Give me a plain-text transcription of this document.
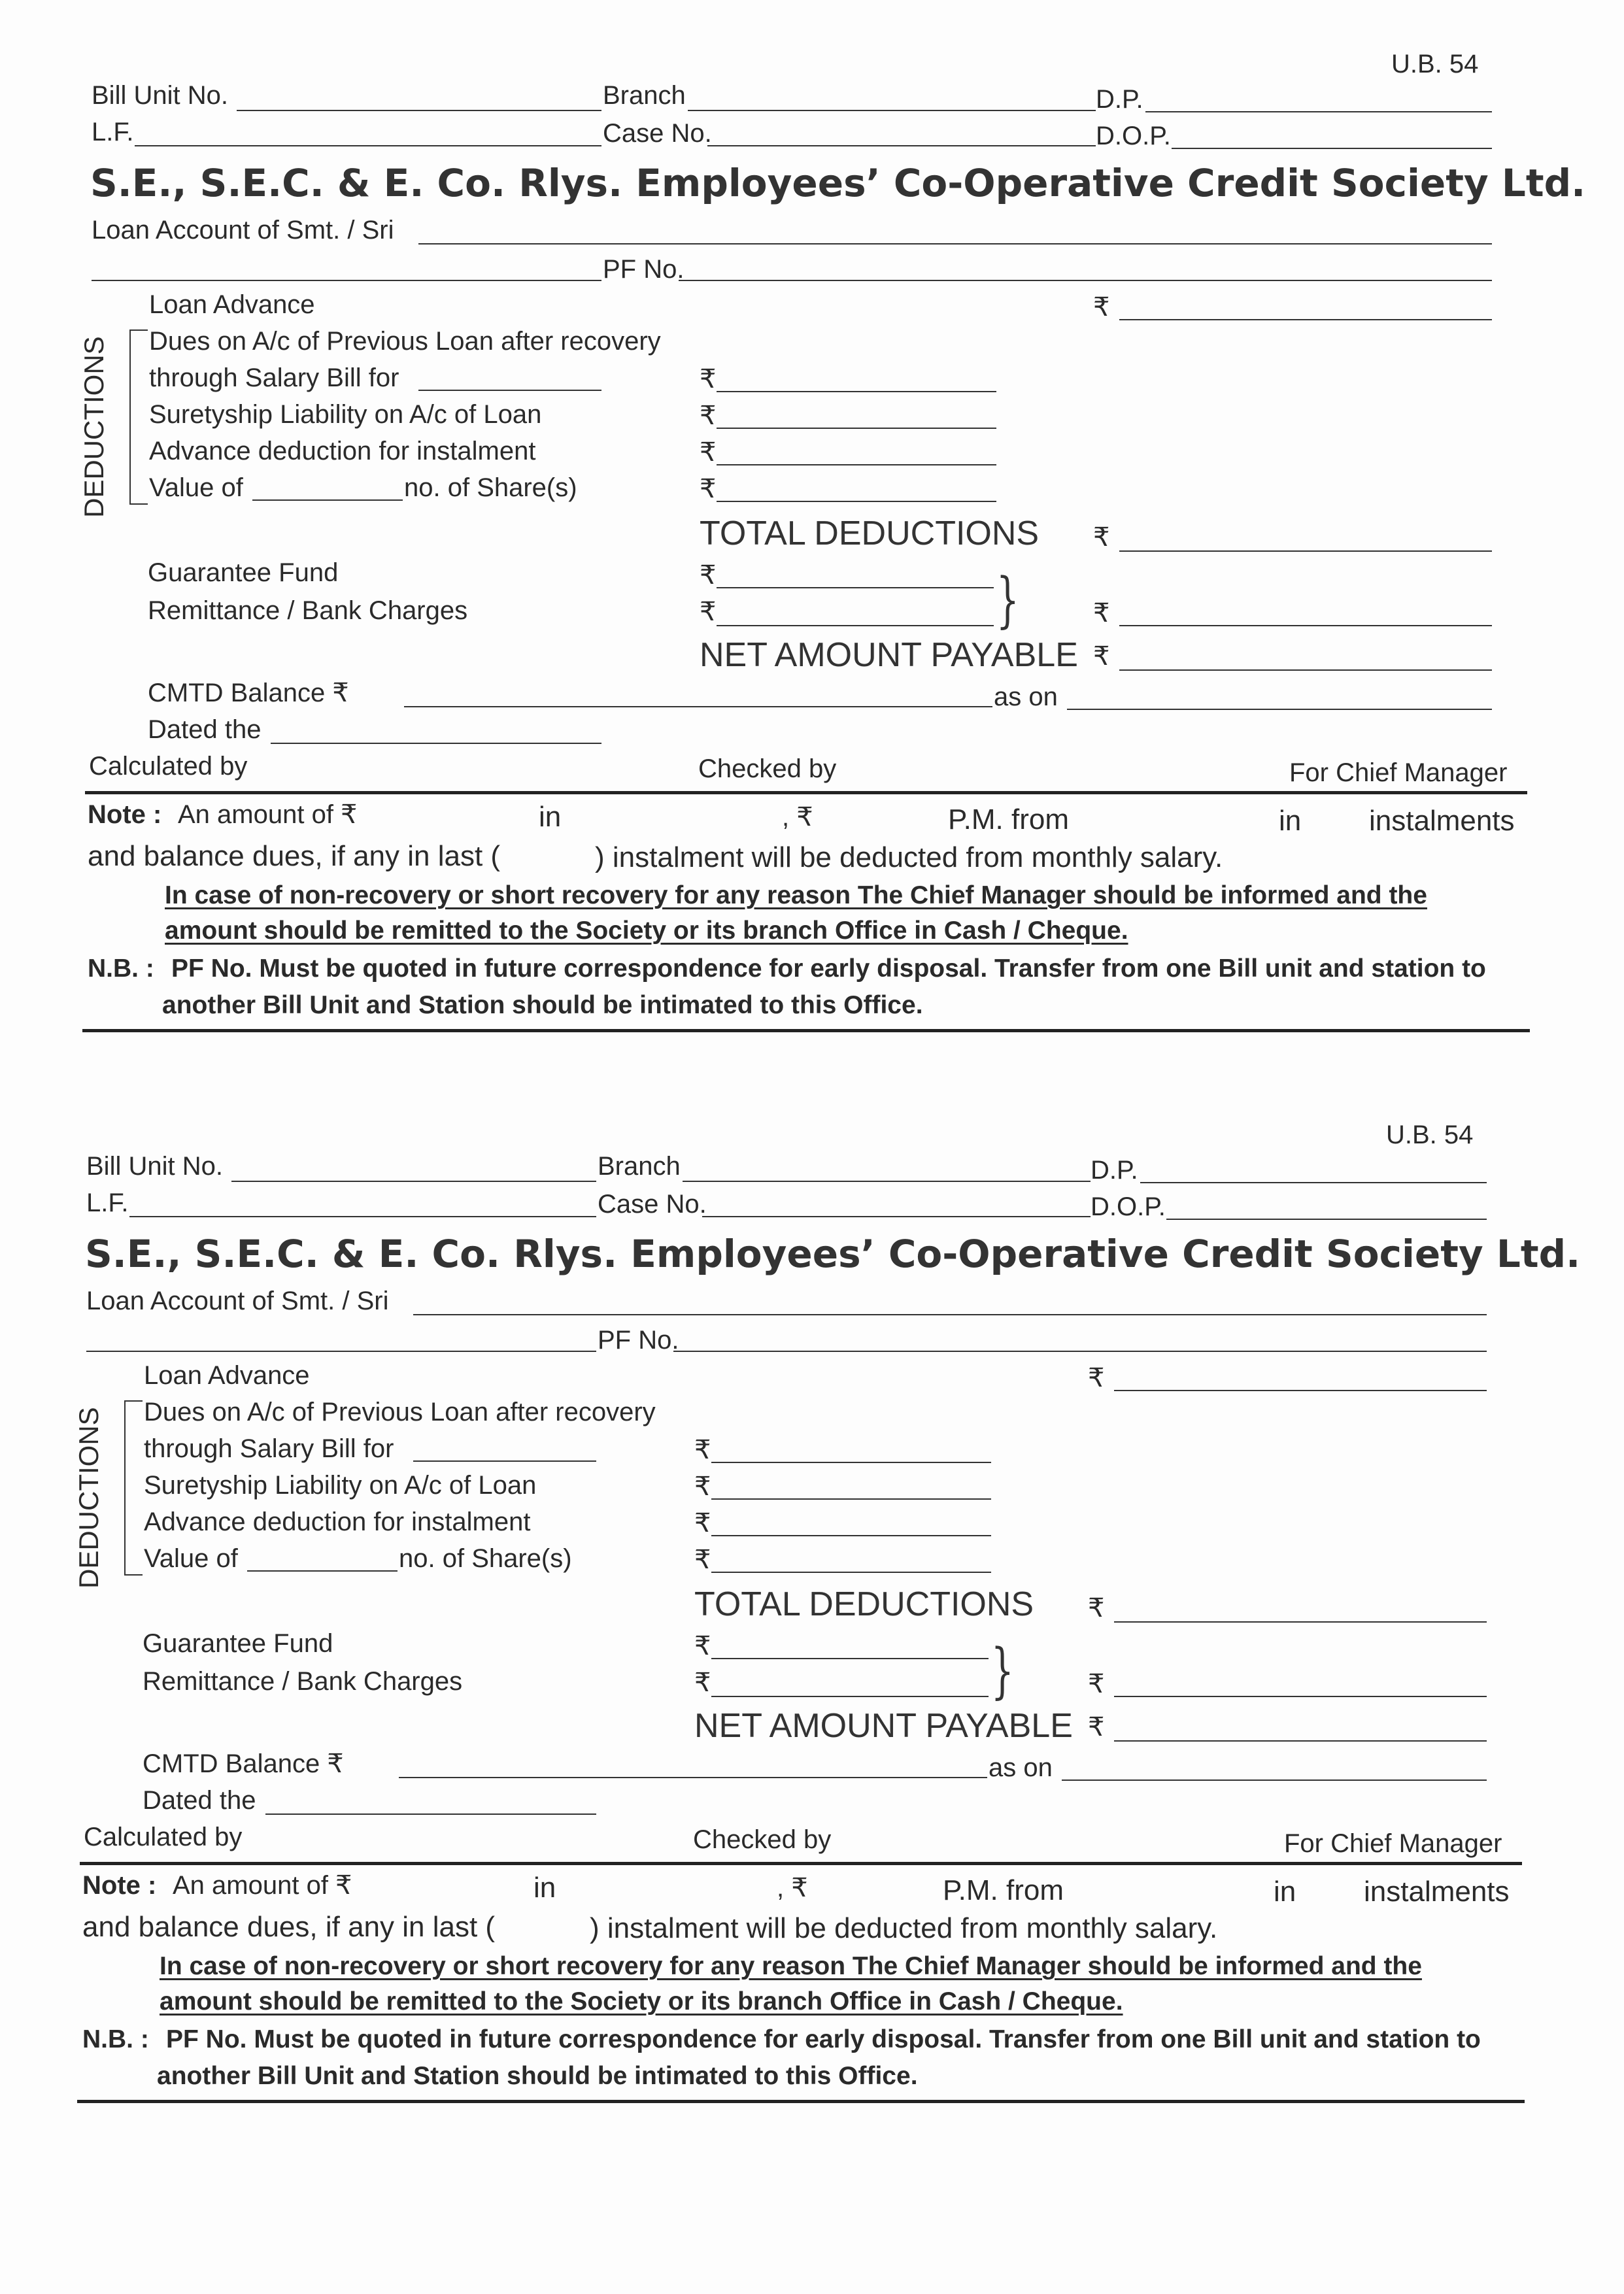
U.B. 54
Bill Unit No.	Branch	D.P.
L.F.	Case No.	D.O.P.
S.E., S.E.C. & E. Co. Rlys. Employees’ Co-Operative Credit Society Ltd.
Loan Account of Smt. / Sri
PF No.
Loan Advance	₹
DEDUCTIONS Dues on A/c of Previous Loan after recovery
through Salary Bill for	₹
Suretyship Liability on A/c of Loan	₹
Advance deduction for instalment	₹
Value of	no. of Share(s)	₹
TOTAL DEDUCTIONS ₹
Guarantee Fund	₹
Remittance / Bank Charges	₹	}	₹
NET AMOUNT PAYABLE ₹
CMTD Balance ₹	as on
Dated the
Calculated by	Checked by	For Chief Manager
Note : An amount of ₹	in	, ₹	P.M. from	in instalments
and balance dues, if any in last (	) instalment will be deducted from monthly salary.
In case of non-recovery or short recovery for any reason The Chief Manager should be informed and the
amount should be remitted to the Society or its branch Office in Cash / Cheque.
N.B. : PF No. Must be quoted in future correspondence for early disposal. Transfer from one Bill unit and station to
another Bill Unit and Station should be intimated to this Office.
U.B. 54
Bill Unit No.	Branch	D.P.
L.F.	Case No.	D.O.P.
S.E., S.E.C. & E. Co. Rlys. Employees’ Co-Operative Credit Society Ltd.
Loan Account of Smt. / Sri
PF No.
Loan Advance	₹
DEDUCTIONS Dues on A/c of Previous Loan after recovery
through Salary Bill for	₹
Suretyship Liability on A/c of Loan	₹
Advance deduction for instalment	₹
Value of	no. of Share(s)	₹
TOTAL DEDUCTIONS ₹
Guarantee Fund	₹
Remittance / Bank Charges	₹	}	₹
NET AMOUNT PAYABLE ₹
CMTD Balance ₹	as on
Dated the
Calculated by	Checked by	For Chief Manager
Note : An amount of ₹	in	, ₹	P.M. from	in instalments
and balance dues, if any in last (	) instalment will be deducted from monthly salary.
In case of non-recovery or short recovery for any reason The Chief Manager should be informed and the
amount should be remitted to the Society or its branch Office in Cash / Cheque.
N.B. : PF No. Must be quoted in future correspondence for early disposal. Transfer from one Bill unit and station to
another Bill Unit and Station should be intimated to this Office.
